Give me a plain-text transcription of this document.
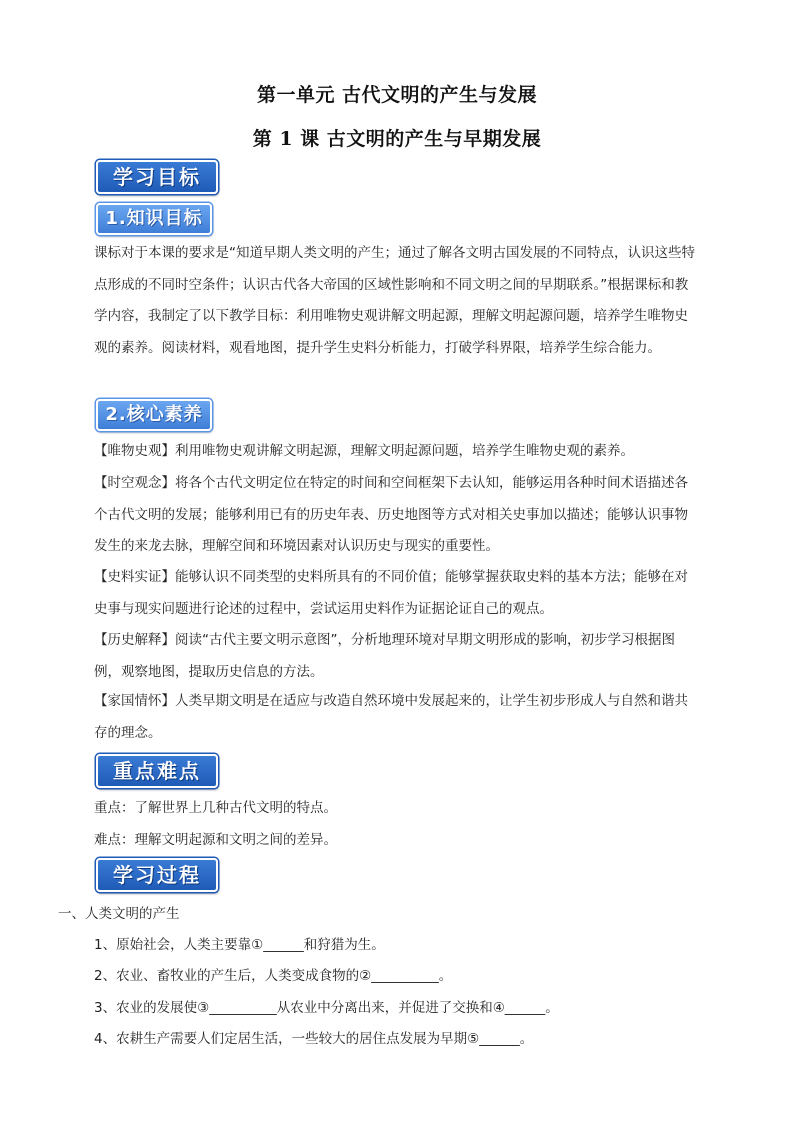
第一单元 古代文明的产生与发展
第 1 课 古文明的产生与早期发展
学习目标
1.知识目标

课标对于本课的要求是“知道早期人类文明的产生；通过了解各文明古国发展的不同特点，认识这些特点形成的不同时空条件；认识古代各大帝国的区域性影响和不同文明之间的早期联系。”根据课标和教学内容，我制定了以下教学目标：利用唯物史观讲解文明起源，理解文明起源问题，培养学生唯物史观的素养。阅读材料，观看地图，提升学生史料分析能力，打破学科界限，培养学生综合能力。

2.核心素养

【唯物史观】利用唯物史观讲解文明起源，理解文明起源问题，培养学生唯物史观的素养。

【时空观念】将各个古代文明定位在特定的时间和空间框架下去认知，能够运用各种时间术语描述各个古代文明的发展；能够利用已有的历史年表、历史地图等方式对相关史事加以描述；能够认识事物发生的来龙去脉，理解空间和环境因素对认识历史与现实的重要性。

【史料实证】能够认识不同类型的史料所具有的不同价值；能够掌握获取史料的基本方法；能够在对史事与现实问题进行论述的过程中，尝试运用史料作为证据论证自己的观点。

【历史解释】阅读“古代主要文明示意图”，分析地理环境对早期文明形成的影响，初步学习根据图例，观察地图，提取历史信息的方法。

【家国情怀】人类早期文明是在适应与改造自然环境中发展起来的，让学生初步形成人与自然和谐共存的理念。

重点难点

重点：了解世界上几种古代文明的特点。

难点：理解文明起源和文明之间的差异。

学习过程

一、人类文明的产生

1、原始社会，人类主要靠①______和狩猎为生。

2、农业、畜牧业的产生后，人类变成食物的②__________。

3、农业的发展使③__________从农业中分离出来，并促进了交换和④______。

4、农耕生产需要人们定居生活，一些较大的居住点发展为早期⑤______。
